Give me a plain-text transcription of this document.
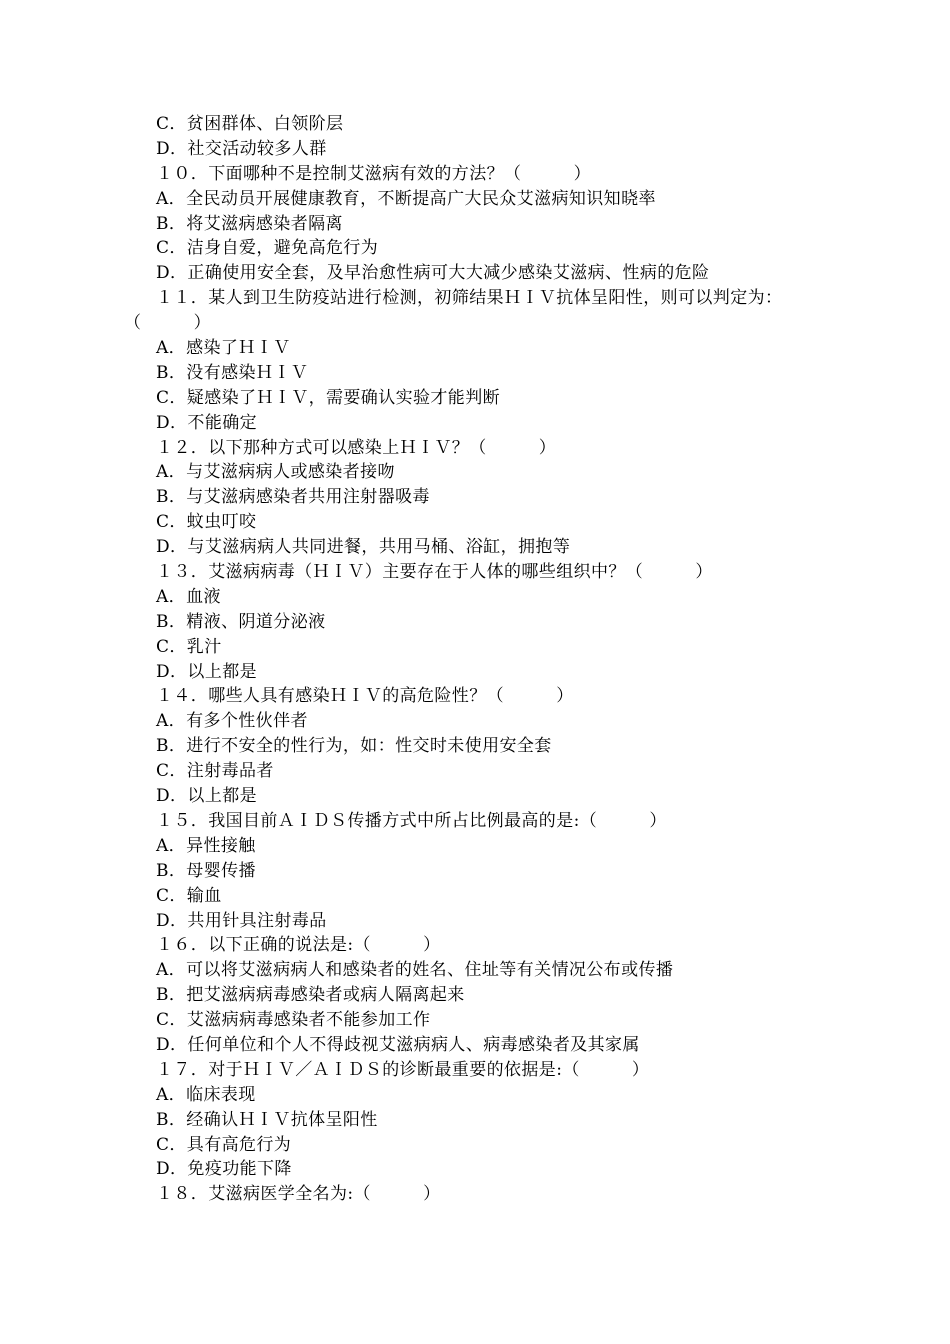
C．贫困群体、白领阶层
D．社交活动较多人群
１０．下面哪种不是控制艾滋病有效的方法？（　　　）
A．全民动员开展健康教育，不断提高广大民众艾滋病知识知晓率
B．将艾滋病感染者隔离
C．洁身自爱，避免高危行为
D．正确使用安全套，及早治愈性病可大大减少感染艾滋病、性病的危险
１１．某人到卫生防疫站进行检测，初筛结果ＨＩＶ抗体呈阳性，则可以判定为：
（　　　）
A．感染了ＨＩＶ
B．没有感染ＨＩＶ
C．疑感染了ＨＩＶ，需要确认实验才能判断
D．不能确定
１２．以下那种方式可以感染上ＨＩＶ？（　　　）
A．与艾滋病病人或感染者接吻
B．与艾滋病感染者共用注射器吸毒
C．蚊虫叮咬
D．与艾滋病病人共同进餐，共用马桶、浴缸，拥抱等
１３．艾滋病病毒（ＨＩＶ）主要存在于人体的哪些组织中？（　　　）
A．血液
B．精液、阴道分泌液
C．乳汁
D．以上都是
１４．哪些人具有感染ＨＩＶ的高危险性？（　　　）
A．有多个性伙伴者
B．进行不安全的性行为，如：性交时未使用安全套
C．注射毒品者
D．以上都是
１５．我国目前ＡＩＤＳ传播方式中所占比例最高的是:（　　　）
A．异性接触
B．母婴传播
C．输血
D．共用针具注射毒品
１６．以下正确的说法是:（　　　）
A．可以将艾滋病病人和感染者的姓名、住址等有关情况公布或传播
B．把艾滋病病毒感染者或病人隔离起来
C．艾滋病病毒感染者不能参加工作
D．任何单位和个人不得歧视艾滋病病人、病毒感染者及其家属
１７．对于ＨＩＶ／ＡＩＤＳ的诊断最重要的依据是:（　　　）
A．临床表现
B．经确认ＨＩＶ抗体呈阳性
C．具有高危行为
D．免疫功能下降
１８．艾滋病医学全名为:（　　　）
